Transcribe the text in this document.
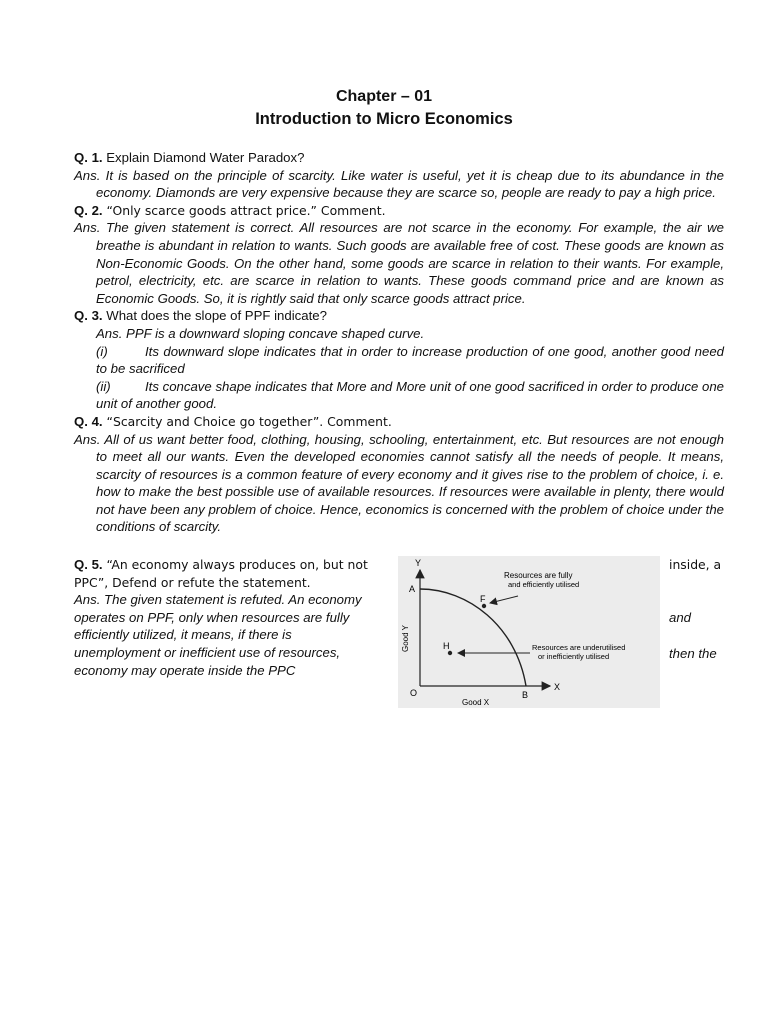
Chapter – 01
Introduction to Micro Economics

Q. 1. Explain Diamond Water Paradox?

Ans. It is based on the principle of scarcity. Like water is useful, yet it is cheap due to its abundance in the economy. Diamonds are very expensive because they are scarce so, people are ready to pay a high price.

Q. 2. “Only scarce goods attract price.” Comment.

Ans. The given statement is correct. All resources are not scarce in the economy. For example, the air we breathe is abundant in relation to wants. Such goods are available free of cost. These goods are known as Non-Economic Goods. On the other hand, some goods are scarce in relation to their wants. For example, petrol, electricity, etc. are scarce in relation to wants. These goods command price and are known as Economic Goods. So, it is rightly said that only scarce goods attract price.

Q. 3. What does the slope of PPF indicate?

Ans. PPF is a downward sloping concave shaped curve.

(i)	Its downward slope indicates that in order to increase production of one good, another good need to be sacrificed

(ii)	Its concave shape indicates that More and More unit of one good sacrificed in order to produce one unit of another good.

Q. 4. “Scarcity and Choice go together”. Comment.

Ans. All of us want better food, clothing, housing, schooling, entertainment, etc. But resources are not enough to meet all our wants. Even the developed economies cannot satisfy all the needs of people. It means, scarcity of resources is a common feature of every economy and it gives rise to the problem of choice, i. e. how to make the best possible use of available resources. If resources were available in plenty, there would not have been any problem of choice. Hence, economics is concerned with the problem of choice under the conditions of scarcity.

Q. 5. “An economy always produces on, but not
PPC”, Defend or refute the statement.
Ans. The given statement is refuted. An economy
operates on PPF, only when resources are fully
efficiently utilized, it means, if there is
unemployment or inefficient use of resources,
economy may operate inside the PPC
inside, a
and
then the
Y
X
O
A
B
F
H
Good Y
Good X
Resources are fully
and efficiently utilised
Resources are underutilised
or inefficiently utilised
